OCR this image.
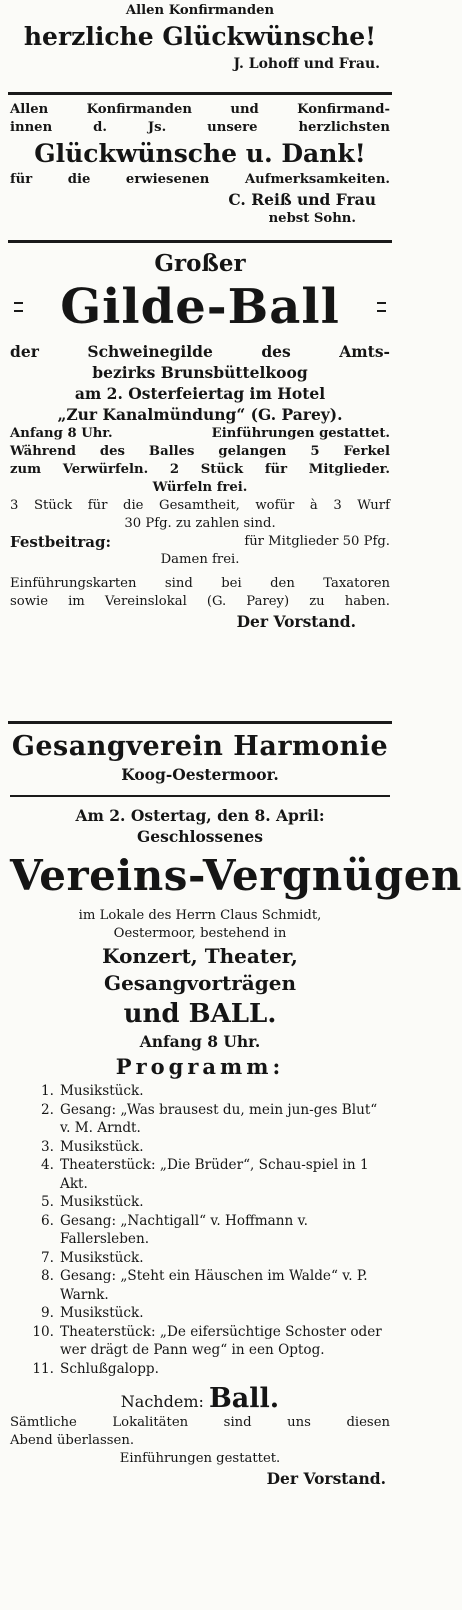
Allen Konfirmanden
herzliche Glückwünsche!
J. Lohoff und Frau.
Allen Konfirmanden und Konfirmand-
innen d. Js. unsere herzlichsten
Glückwünsche u. Dank!
für die erwiesenen Aufmerksamkeiten.
C. Reiß und Frau
nebst Sohn.
Großer
Gilde-Ball
der Schweinegilde des Amts-
bezirks Brunsbüttelkoog
am 2. Osterfeiertag im Hotel
„Zur Kanalmündung“ (G. Parey).
Anfang 8 Uhr.	Einführungen gestattet.
Während des Balles gelangen 5 Ferkel
zum Verwürfeln. 2 Stück für Mitglieder.
Würfeln frei.
3 Stück für die Gesamtheit, wofür à 3 Wurf
30 Pfg. zu zahlen sind.
Festbeitrag:	für Mitglieder 50 Pfg.
Damen frei.
Einführungskarten sind bei den Taxatoren
sowie im Vereinslokal (G. Parey) zu haben.
Der Vorstand.
Gesangverein Harmonie
Koog-Oestermoor.
Am 2. Ostertag, den 8. April:
Geschlossenes
Vereins-Vergnügen
im Lokale des Herrn Claus Schmidt,
Oestermoor, bestehend in
Konzert, Theater,
Gesangvorträgen
und BALL.
Anfang 8 Uhr.
Programm:
1. Musikstück.
2. Gesang: „Was brausest du, mein jun-ges Blut“ v. M. Arndt.
3. Musikstück.
4. Theaterstück: „Die Brüder“, Schau-spiel in 1 Akt.
5. Musikstück.
6. Gesang: „Nachtigall“ v. Hoffmann v. Fallersleben.
7. Musikstück.
8. Gesang: „Steht ein Häuschen im Walde“ v. P. Warnk.
9. Musikstück.
10. Theaterstück: „De eifersüchtige Schoster oder wer drägt de Pann weg“ in een Optog.
11. Schlußgalopp.
Nachdem: Ball.
Sämtliche Lokalitäten sind uns diesen
Abend überlassen.
Einführungen gestattet.
Der Vorstand.
